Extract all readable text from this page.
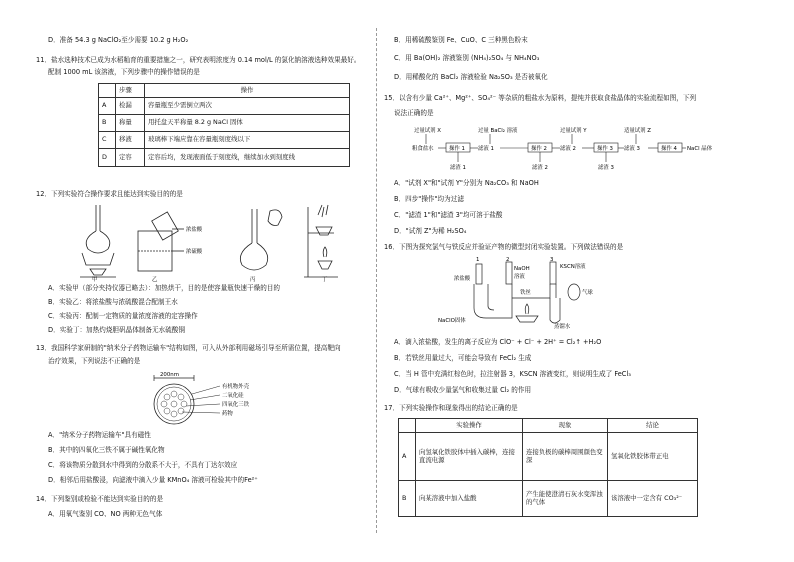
D．准备 54.3 g NaClO₂至少需要 10.2 g H₂O₂
11．盐水选种技术已成为水稻籼育的重要措施之一，研究表明浓度为 0.14 mol/L 的氯化钠溶液选种效果最好。
配制 1000 mL 该溶液，下列步骤中的操作错误的是
	步骤	操作
A	检漏	容量瓶至少需倒立两次
B	称量	用托盘天平称量 8.2 g NaCl 固体
C	移液	玻璃棒下端应靠在容量瓶刻度线以下
D	定容	定容后均，发现液面低于刻度线，继续加水到刻度线
12．下列实验符合操作要求且能达到实验目的的是
甲
浓盐酸
浓硫酸
乙	丙	丁
A．实验甲（部分夹持仪器已略去）：加热烘干，目的是使容量瓶快速干燥的目的
B．实验乙：将浓盐酸与浓硫酸混合配制王水
C．实验丙：配制一定物质的量浓度溶液的定容操作
D．实验丁：加热灼烧胆矾晶体制备无水硫酸铜
13．我国科学家研制的"纳米分子药物运输车"结构如图，可入从外部利用磁场引导至所需位置，提高靶向
治疗效果，下列说法不正确的是
200nm
有机物外壳
二氧化硅
四氧化三铁
药物
A．"纳米分子药物运输车"具有磁性
B．其中的四氧化三铁不属于碱性氧化物
C．将该物质分散到水中得到的分散系不大于，不具有丁达尔效应
D．相邻后用盐酸浸，向滤液中滴入少量 KMnO₄ 溶液可检验其中的Fe²⁺
14．下列鉴别或检验不能达到实验目的的是
A．用氧气鉴别 CO、NO 两种无色气体
B．用稀硫酸鉴别 Fe、CuO、C 三种黑色粉末
C．用 Ba(OH)₂ 溶液鉴别 (NH₄)₂SO₄ 与 NH₄NO₃
D．用稀酸化的 BaCl₂ 溶液检验 Na₂SO₃ 是否被氧化
15．以含有少量 Ca²⁺、Mg²⁺、SO₄²⁻ 等杂质的粗盐水为原料，提纯并获取食盐晶体的实验流程如图，下列
说法正确的是
过量试剂 X	过量 BaCl₂ 溶液	过量试剂 Y	适量试剂 Z
粗食盐水	操作 1 滤液 1	操作 2 滤液 2	操作 3 滤液 3	操作 4 NaCl 晶体
滤渣 1	滤渣 2	滤渣 3
A．"试剂 X"和"试剂 Y"分别为 Na₂CO₃ 和 NaOH
B．四步"操作"均为过滤
C．"滤渣 1"和"滤渣 3"均可溶于盐酸
D．"试剂 Z"为稀 H₂SO₄
16．下图为探究氯气与铁反应并验证产物的微型封闭实验装置。下列做法错误的是
1	2	3
浓盐酸
NaOH
溶液
KSCN溶液
气球
铁丝
NaClO固体
蒸馏水
A．滴入浓盐酸，发生的离子反应为 ClO⁻ + Cl⁻ + 2H⁺ = Cl₂↑ +H₂O
B．若铁丝用量过大，可能会导致有 FeCl₂ 生成
C．当 H 管中充满红棕色时，拉注射器 3，KSCN 溶液变红，则说明生成了 FeCl₃
D．气球有吸收少量氯气和收集过量 Cl₂ 的作用
17．下列实验操作和现象得出的结论正确的是
	实验操作	现象	结论
A	向氢氧化铁胶体中插入碳棒，连接直流电源	连接负极的碳棒周围颜色变深	氢氧化铁胶体带正电
B	向某溶液中加入盐酸	产生能使澄清石灰水变浑浊的气体	该溶液中一定含有 CO₃²⁻
